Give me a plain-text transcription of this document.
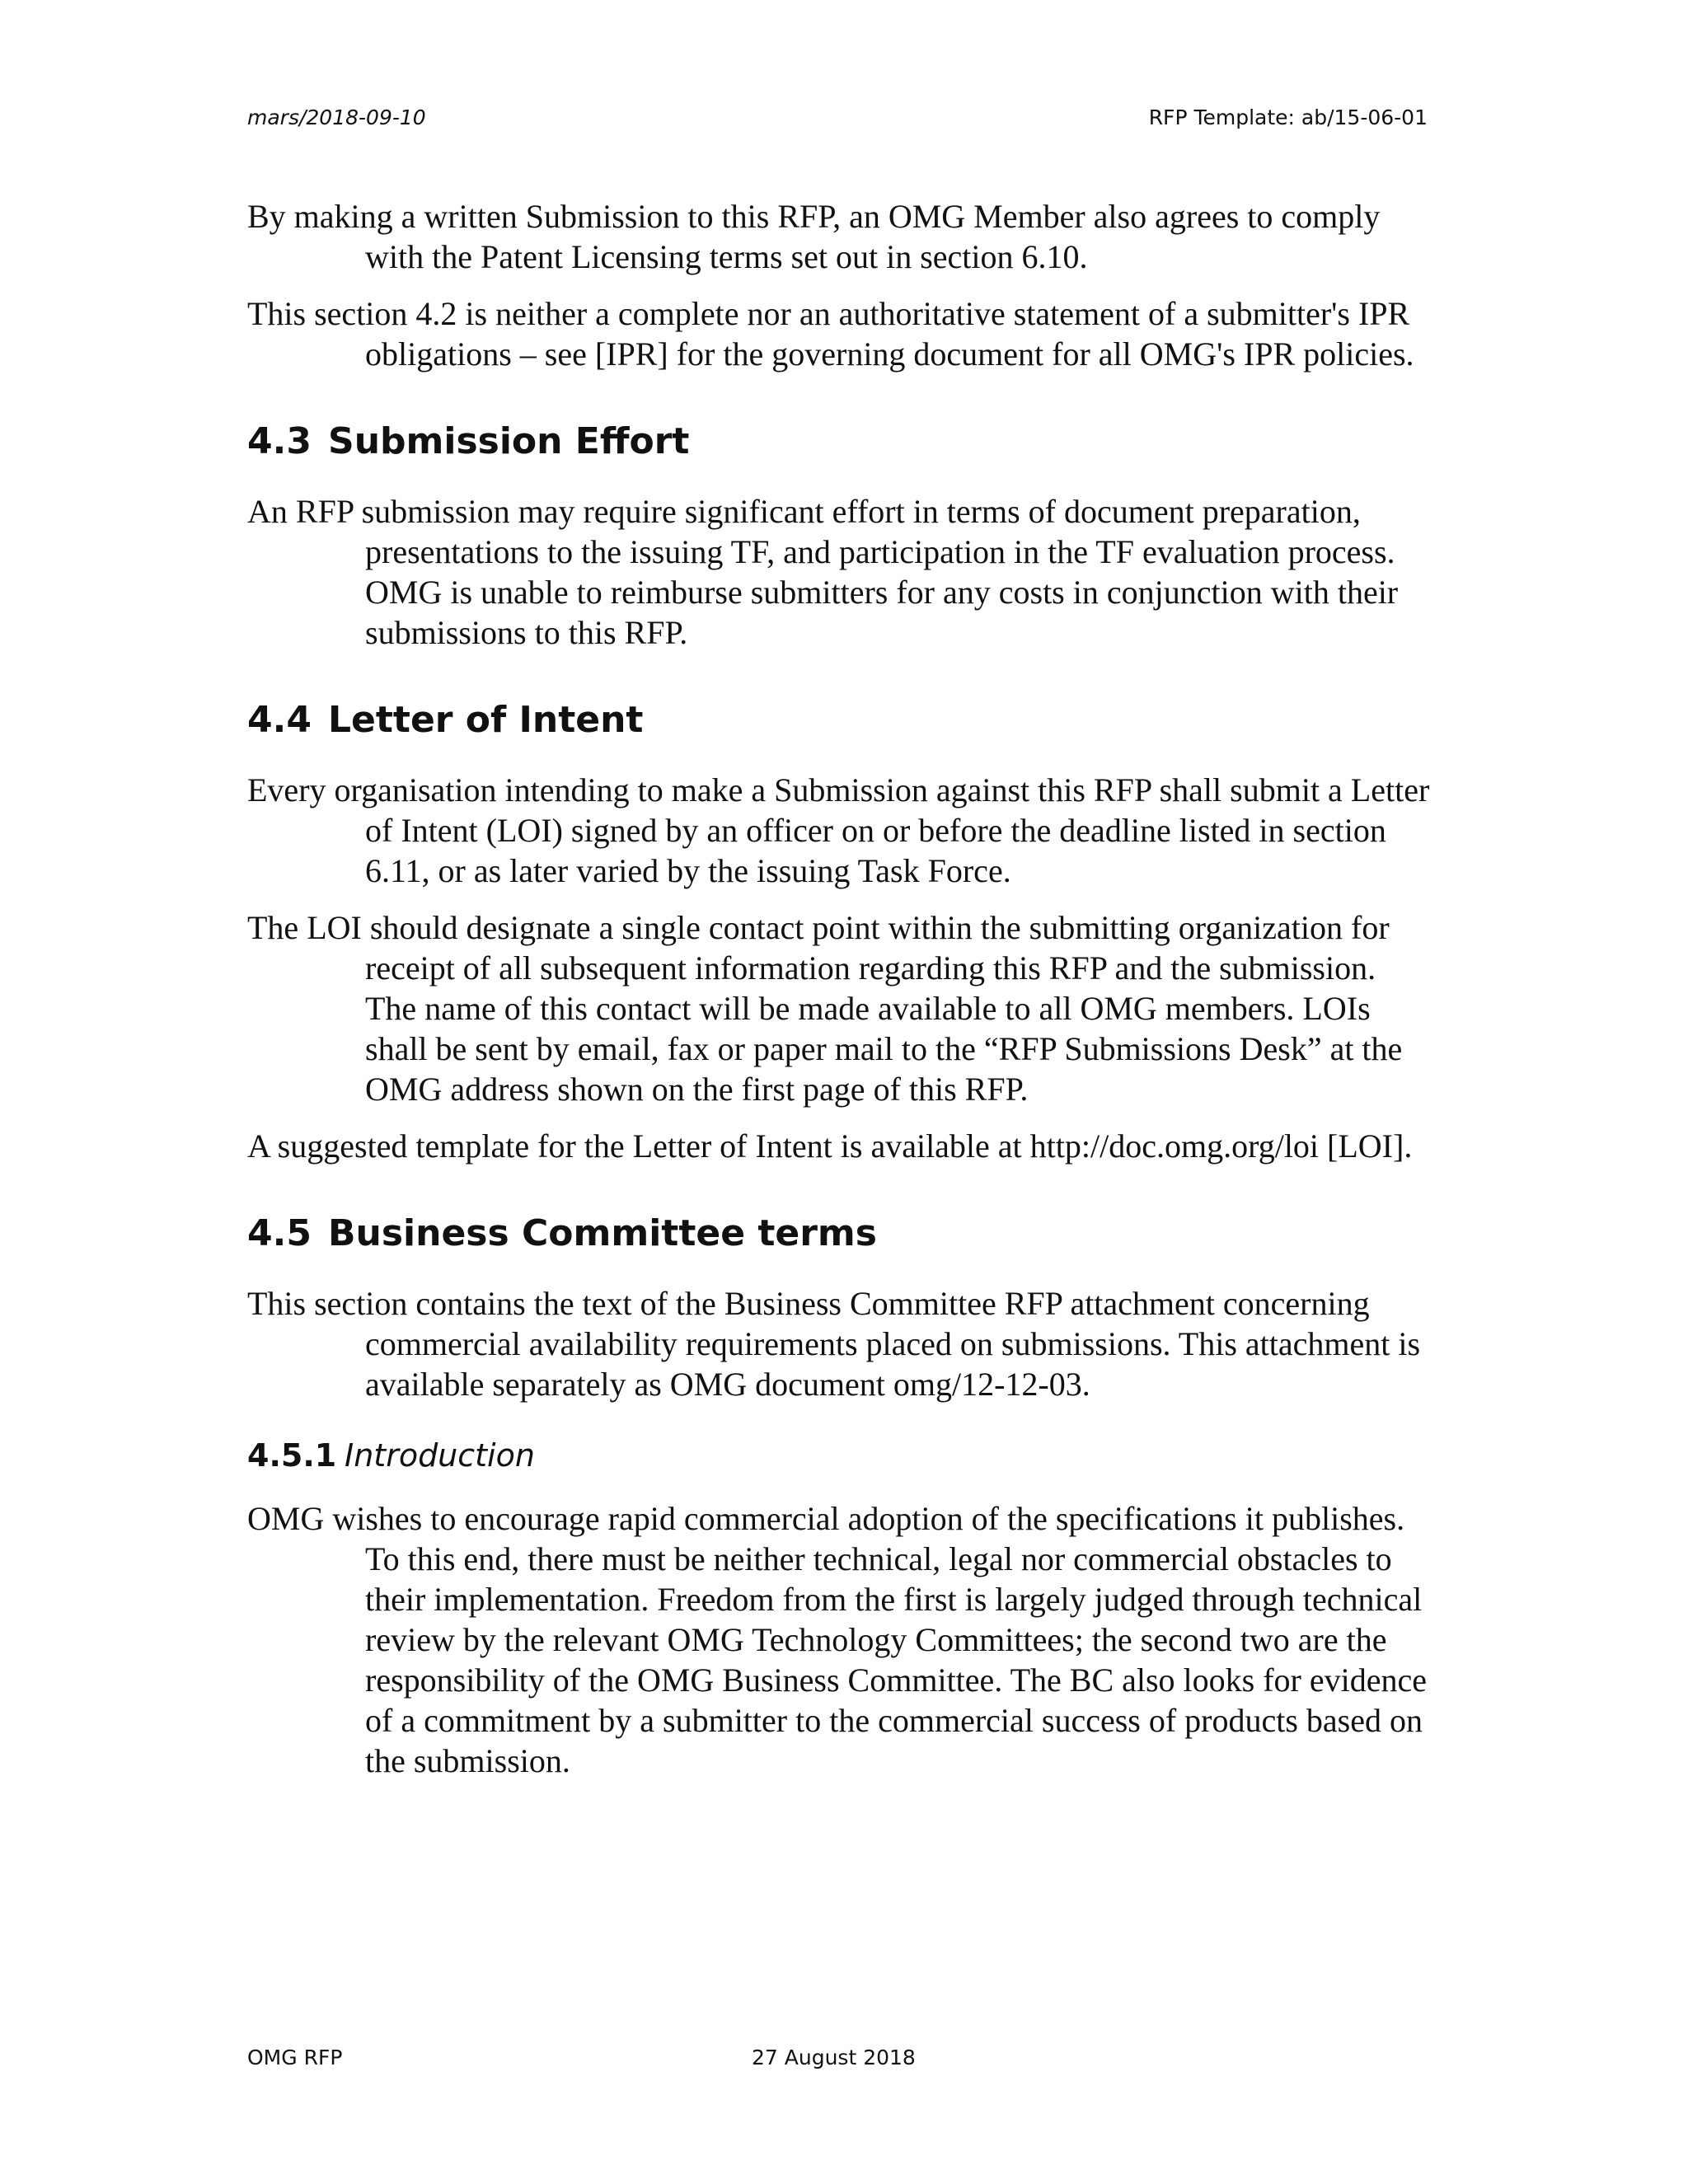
mars/2018-09-10	RFP Template: ab/15-06-01

By making a written Submission to this RFP, an OMG Member also agrees to comply with the Patent Licensing terms set out in section 6.10.

This section 4.2 is neither a complete nor an authoritative statement of a submitter's IPR obligations – see [IPR] for the governing document for all OMG's IPR policies.

4.3 Submission Effort

An RFP submission may require significant effort in terms of document preparation, presentations to the issuing TF, and participation in the TF evaluation process. OMG is unable to reimburse submitters for any costs in conjunction with their submissions to this RFP.

4.4 Letter of Intent

Every organisation intending to make a Submission against this RFP shall submit a Letter of Intent (LOI) signed by an officer on or before the deadline listed in section 6.11, or as later varied by the issuing Task Force.

The LOI should designate a single contact point within the submitting organization for receipt of all subsequent information regarding this RFP and the submission. The name of this contact will be made available to all OMG members. LOIs shall be sent by email, fax or paper mail to the “RFP Submissions Desk” at the OMG address shown on the first page of this RFP.

A suggested template for the Letter of Intent is available at http://doc.omg.org/loi [LOI].

4.5 Business Committee terms

This section contains the text of the Business Committee RFP attachment concerning commercial availability requirements placed on submissions. This attachment is available separately as OMG document omg/12-12-03.

4.5.1 Introduction

OMG wishes to encourage rapid commercial adoption of the specifications it publishes. To this end, there must be neither technical, legal nor commercial obstacles to their implementation. Freedom from the first is largely judged through technical review by the relevant OMG Technology Committees; the second two are the responsibility of the OMG Business Committee. The BC also looks for evidence of a commitment by a submitter to the commercial success of products based on the submission.

OMG RFP	27 August 2018
